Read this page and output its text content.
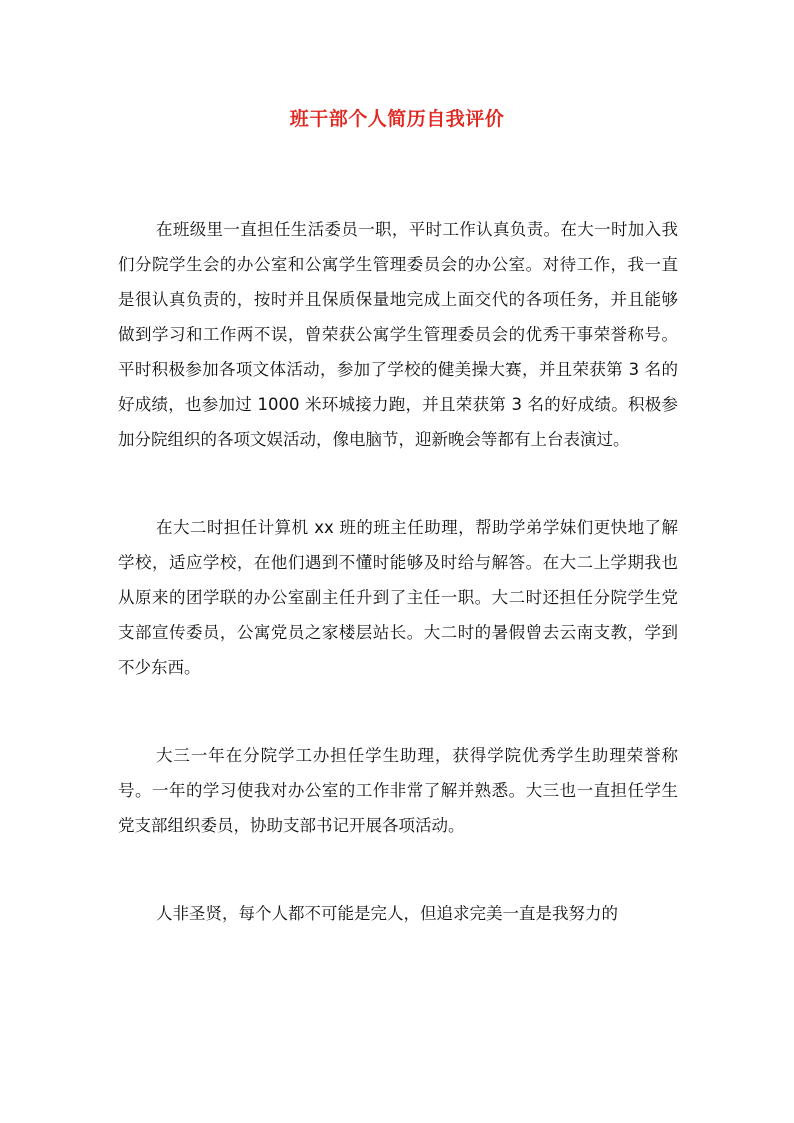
班干部个人简历自我评价

在班级里一直担任生活委员一职，平时工作认真负责。在大一时加入我们分院学生会的办公室和公寓学生管理委员会的办公室。对待工作，我一直是很认真负责的，按时并且保质保量地完成上面交代的各项任务，并且能够做到学习和工作两不误，曾荣获公寓学生管理委员会的优秀干事荣誉称号。平时积极参加各项文体活动，参加了学校的健美操大赛，并且荣获第 3 名的好成绩，也参加过 1000 米环城接力跑，并且荣获第 3 名的好成绩。积极参加分院组织的各项文娱活动，像电脑节，迎新晚会等都有上台表演过。

在大二时担任计算机 xx 班的班主任助理，帮助学弟学妹们更快地了解学校，适应学校，在他们遇到不懂时能够及时给与解答。在大二上学期我也从原来的团学联的办公室副主任升到了主任一职。大二时还担任分院学生党支部宣传委员，公寓党员之家楼层站长。大二时的暑假曾去云南支教，学到不少东西。

大三一年在分院学工办担任学生助理，获得学院优秀学生助理荣誉称号。一年的学习使我对办公室的工作非常了解并熟悉。大三也一直担任学生党支部组织委员，协助支部书记开展各项活动。

人非圣贤，每个人都不可能是完人，但追求完美一直是我努力的
